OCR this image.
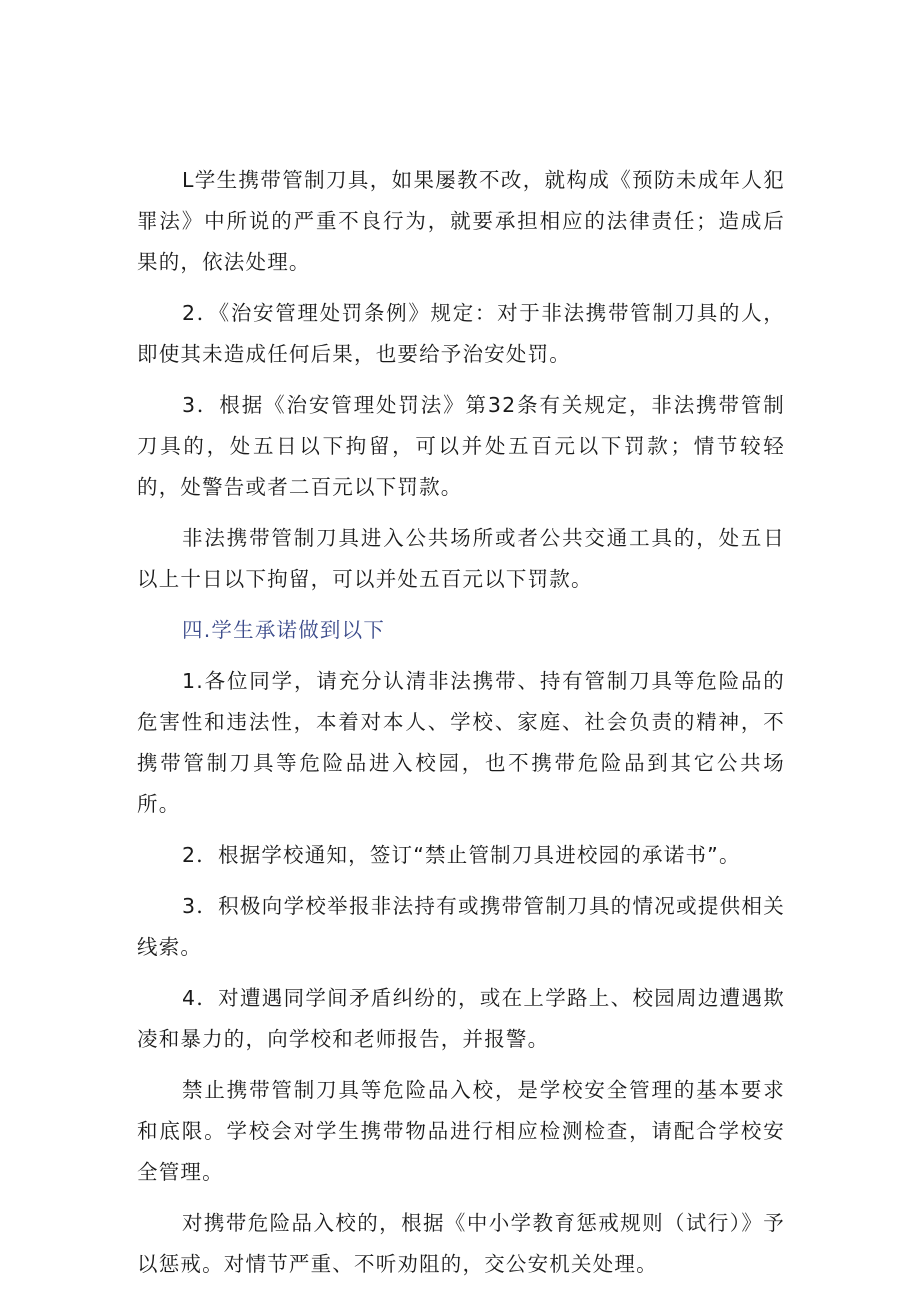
L学生携带管制刀具，如果屡教不改，就构成《预防未成年人犯罪法》中所说的严重不良行为，就要承担相应的法律责任；造成后果的，依法处理。

2．《治安管理处罚条例》规定：对于非法携带管制刀具的人，即使其未造成任何后果，也要给予治安处罚。

3．根据《治安管理处罚法》第32条有关规定，非法携带管制刀具的，处五日以下拘留，可以并处五百元以下罚款；情节较轻的，处警告或者二百元以下罚款。

非法携带管制刀具进入公共场所或者公共交通工具的，处五日以上十日以下拘留，可以并处五百元以下罚款。

四.学生承诺做到以下

1.各位同学，请充分认清非法携带、持有管制刀具等危险品的危害性和违法性，本着对本人、学校、家庭、社会负责的精神，不携带管制刀具等危险品进入校园，也不携带危险品到其它公共场所。

2．根据学校通知，签订“禁止管制刀具进校园的承诺书”。

3．积极向学校举报非法持有或携带管制刀具的情况或提供相关线索。

4．对遭遇同学间矛盾纠纷的，或在上学路上、校园周边遭遇欺凌和暴力的，向学校和老师报告，并报警。

禁止携带管制刀具等危险品入校，是学校安全管理的基本要求和底限。学校会对学生携带物品进行相应检测检查，请配合学校安全管理。

对携带危险品入校的，根据《中小学教育惩戒规则（试行）》予以惩戒。对情节严重、不听劝阻的，交公安机关处理。
